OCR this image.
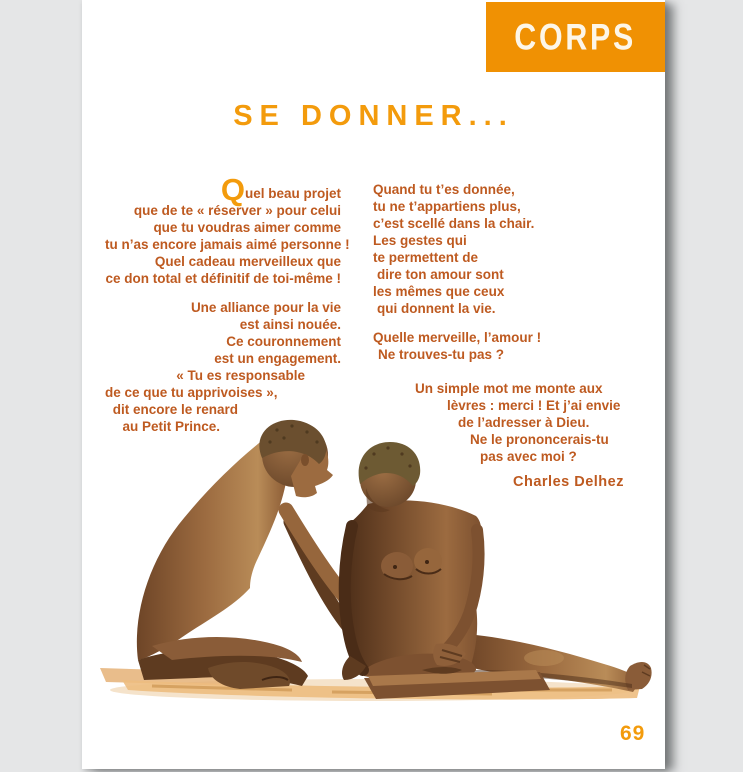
CORPS
SE DONNER...
Quel beau projet
que de te « réserver » pour celui
que tu voudras aimer comme
tu n’as encore jamais aimé personne !
Quel cadeau merveilleux que
ce don total et définitif de toi-même !
Une alliance pour la vie
est ainsi nouée.
Ce couronnement
est un engagement.
« Tu es responsable
de ce que tu apprivoises »,
dit encore le renard
au Petit Prince.
Quand tu t’es donnée,
tu ne t’appartiens plus,
c’est scellé dans la chair.
Les gestes qui
te permettent de
dire ton amour sont
les mêmes que ceux
qui donnent la vie.
Quelle merveille, l’amour !
Ne trouves-tu pas ?
Un simple mot me monte aux
lèvres : merci ! Et j’ai envie
de l’adresser à Dieu.
Ne le prononcerais-tu
pas avec moi ?
Charles Delhez
69
